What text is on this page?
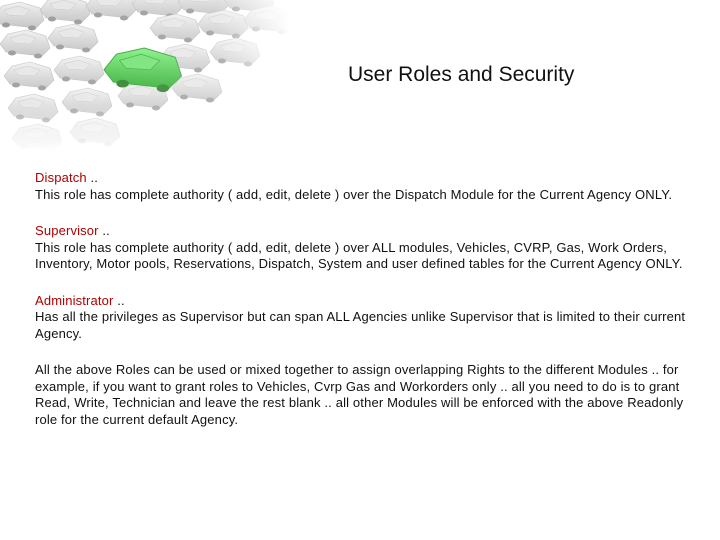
User Roles and Security
Dispatch ..
This role has complete authority ( add, edit, delete ) over the Dispatch Module for the Current Agency ONLY.
Supervisor ..
This role has complete authority ( add, edit, delete ) over ALL modules, Vehicles, CVRP, Gas, Work Orders, Inventory, Motor pools, Reservations, Dispatch, System and user defined tables for the Current Agency ONLY.
Administrator ..
Has all the privileges as Supervisor but can span ALL Agencies unlike Supervisor that is limited to their current Agency.
All the above Roles can be used or mixed together to assign overlapping Rights to the different Modules .. for example, if you want to grant roles to Vehicles, Cvrp Gas and Workorders only .. all you need to do is to grant Read, Write, Technician and leave the rest blank .. all other Modules will be enforced with the above Readonly role for the current default Agency.
